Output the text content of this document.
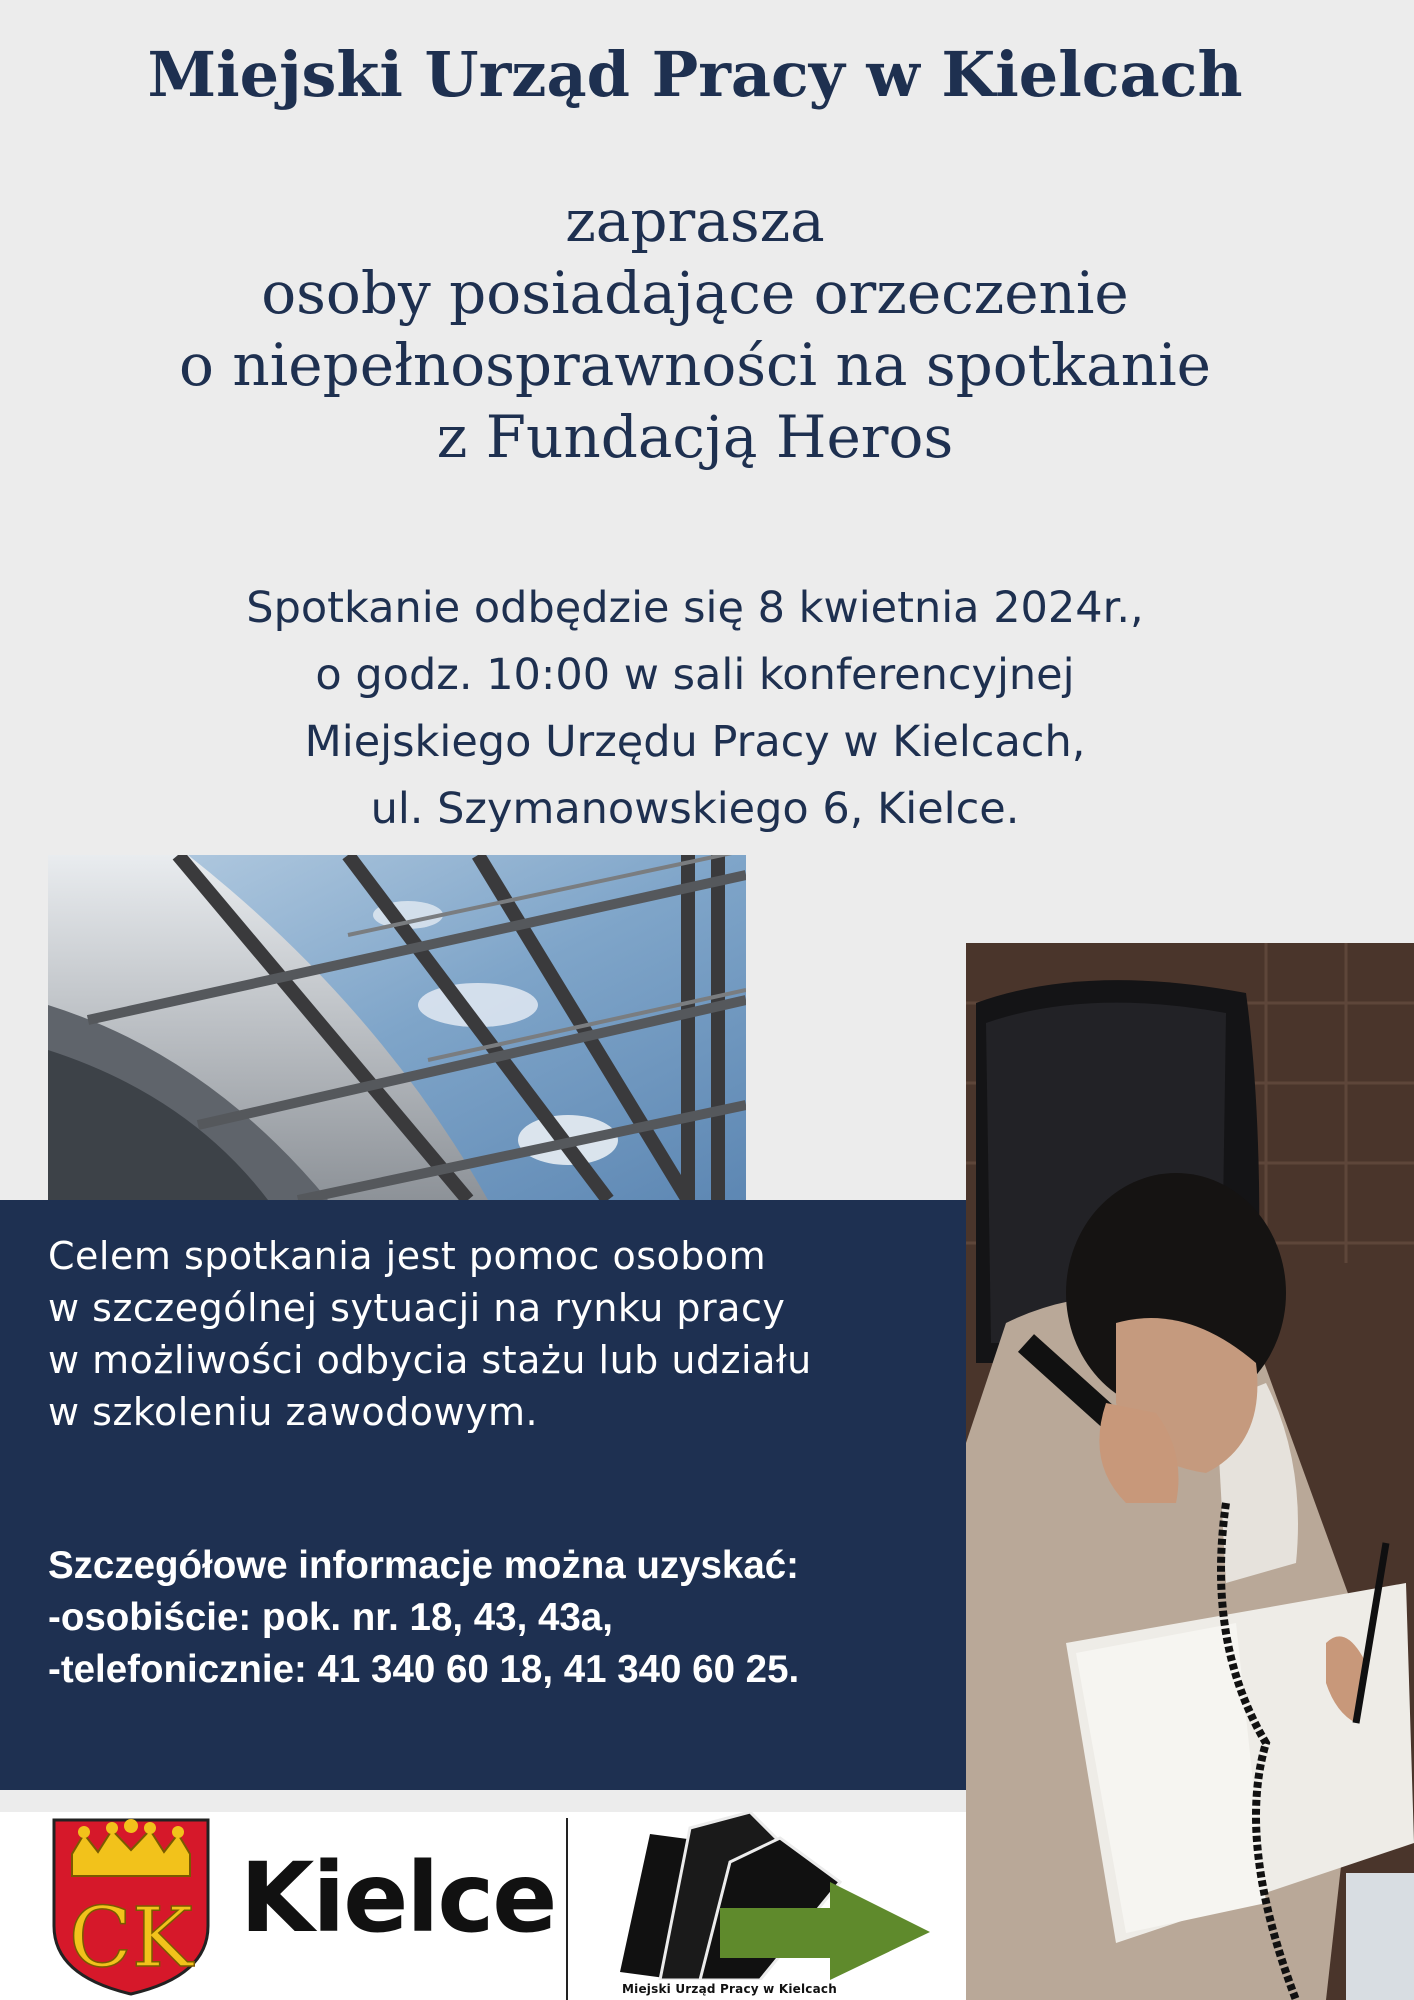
Miejski Urząd Pracy w Kielcach
zaprasza
osoby posiadające orzeczenie
o niepełnosprawności na spotkanie
z Fundacją Heros
Spotkanie odbędzie się 8 kwietnia 2024r.,
o godz. 10:00 w sali konferencyjnej
Miejskiego Urzędu Pracy w Kielcach,
ul. Szymanowskiego 6, Kielce.
Celem spotkania jest pomoc osobom
w szczególnej sytuacji na rynku pracy
w możliwości odbycia stażu lub udziału
w szkoleniu zawodowym.
Szczegółowe informacje można uzyskać:
-osobiście: pok. nr. 18, 43, 43a,
-telefonicznie: 41 340 60 18, 41 340 60 25.
CK Kielce
Miejski Urząd Pracy w Kielcach
